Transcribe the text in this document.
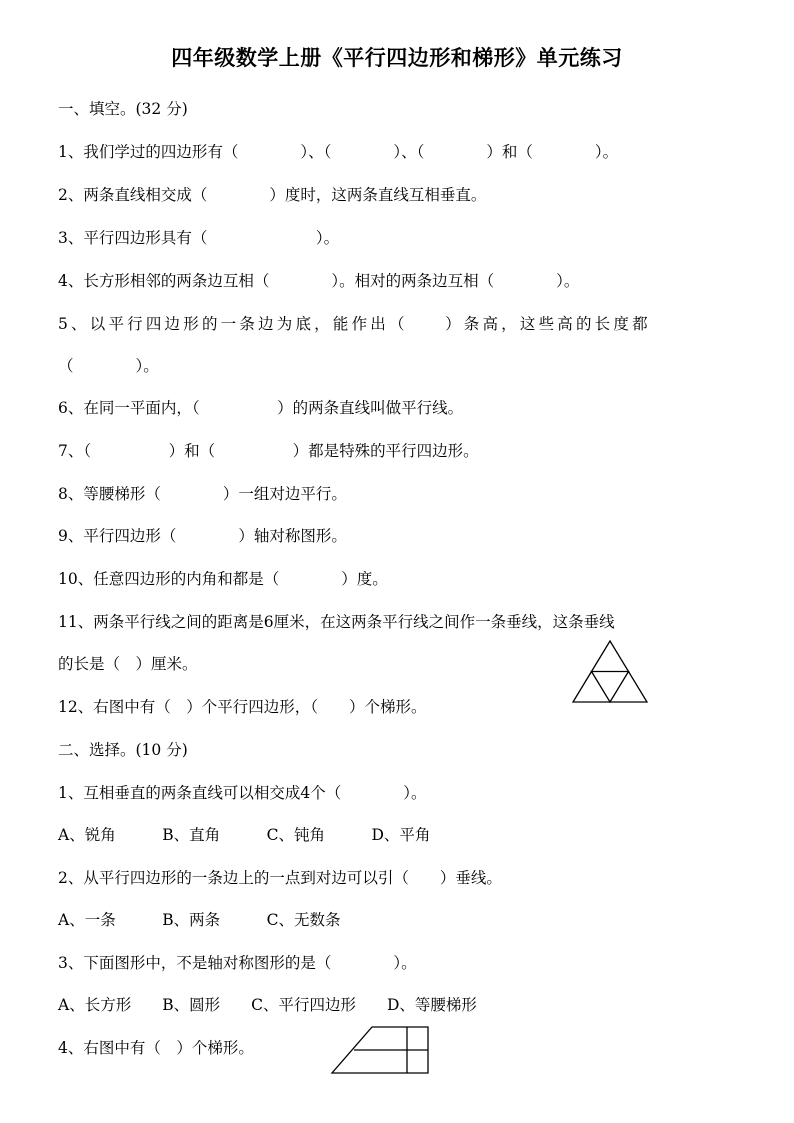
四年级数学上册《平行四边形和梯形》单元练习
一、填空。(32 分)
1、我们学过的四边形有（　　　　）、（　　　　）、（　　　　）和（　　　　）。
2、两条直线相交成（　　　　）度时，这两条直线互相垂直。
3、平行四边形具有（　　　　　　　）。
4、长方形相邻的两条边互相（　　　　）。相对的两条边互相（　　　　）。
5、以平行四边形的一条边为底，能作出（　　）条高，这些高的长度都
（　　　　）。
6、在同一平面内，（　　　　　）的两条直线叫做平行线。
7、（　　　　　）和（　　　　　）都是特殊的平行四边形。
8、等腰梯形（　　　　）一组对边平行。
9、平行四边形（　　　　）轴对称图形。
10、任意四边形的内角和都是（　　　　）度。
11、两条平行线之间的距离是6厘米，在这两条平行线之间作一条垂线，这条垂线
的长是（　）厘米。
12、右图中有（　）个平行四边形，（　　）个梯形。
二、选择。(10 分)
1、互相垂直的两条直线可以相交成4个（　　　　）。
A、锐角　　　B、直角　　　C、钝角　　　D、平角
2、从平行四边形的一条边上的一点到对边可以引（　　）垂线。
A、一条　　　B、两条　　　C、无数条
3、下面图形中，不是轴对称图形的是（　　　　）。
A、长方形　　B、圆形　　C、平行四边形　　D、等腰梯形
4、右图中有（　）个梯形。
